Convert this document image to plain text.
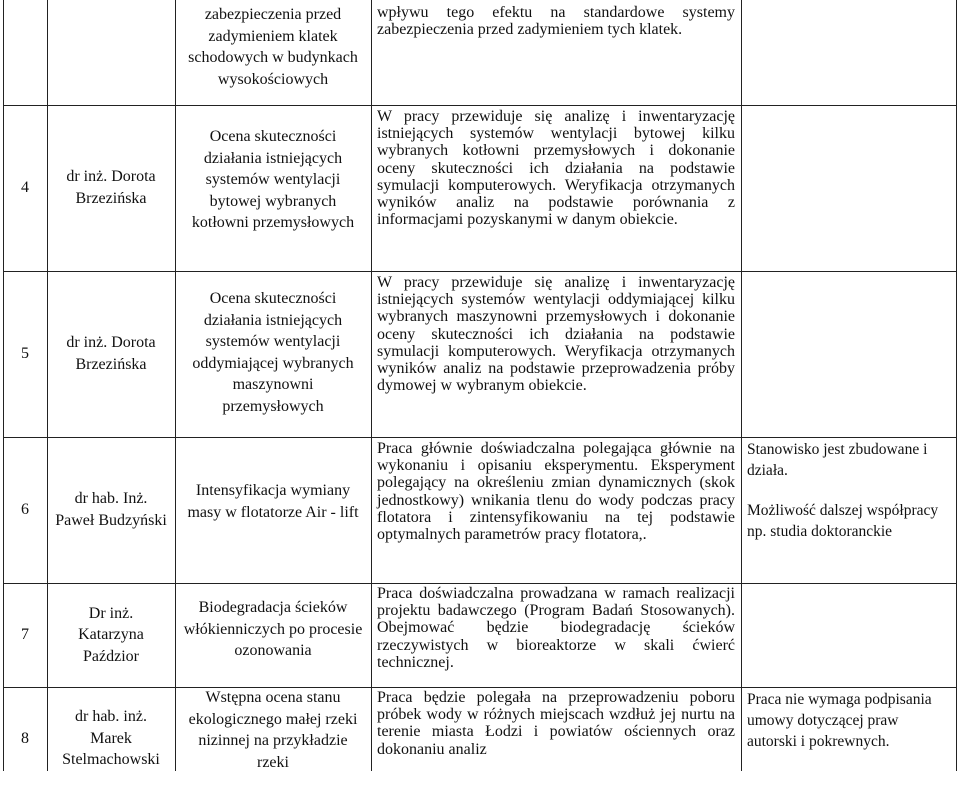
zabezpieczenia przed zadymieniem klatek schodowych w budynkach wysokościowych
wpływu tego efektu na standardowe systemy zabezpieczenia przed zadymieniem tych klatek.
4
dr inż. Dorota Brzezińska
Ocena skuteczności działania istniejących systemów wentylacji bytowej wybranych kotłowni przemysłowych
W pracy przewiduje się analizę i inwentaryzację istniejących systemów wentylacji bytowej kilku wybranych kotłowni przemysłowych i dokonanie oceny skuteczności ich działania na podstawie symulacji komputerowych. Weryfikacja otrzymanych wyników analiz na podstawie porównania z informacjami pozyskanymi w danym obiekcie.
5
dr inż. Dorota Brzezińska
Ocena skuteczności działania istniejących systemów wentylacji oddymiającej wybranych maszynowni przemysłowych
W pracy przewiduje się analizę i inwentaryzację istniejących systemów wentylacji oddymiającej kilku wybranych maszynowni przemysłowych i dokonanie oceny skuteczności ich działania na podstawie symulacji komputerowych. Weryfikacja otrzymanych wyników analiz na podstawie przeprowadzenia próby dymowej w wybranym obiekcie.
6
dr hab. Inż. Paweł Budzyński
Intensyfikacja wymiany masy w flotatorze Air - lift
Praca głównie doświadczalna polegająca głównie na wykonaniu i opisaniu eksperymentu. Eksperyment polegający na określeniu zmian dynamicznych (skok jednostkowy) wnikania tlenu do wody podczas pracy flotatora i zintensyfikowaniu na tej podstawie optymalnych parametrów pracy flotatora,.
Stanowisko jest zbudowane i działa.
Możliwość dalszej współpracy np. studia doktoranckie
7
Dr inż. Katarzyna Paździor
Biodegradacja ścieków włókienniczych po procesie ozonowania
Praca doświadczalna prowadzana w ramach realizacji projektu badawczego (Program Badań Stosowanych). Obejmować będzie biodegradację ścieków rzeczywistych w bioreaktorze w skali ćwierć technicznej.
8
dr hab. inż. Marek Stelmachowski
Wstępna ocena stanu ekologicznego małej rzeki nizinnej na przykładzie rzeki
Praca będzie polegała na przeprowadzeniu poboru próbek wody w różnych miejscach wzdłuż jej nurtu na terenie miasta Łodzi i powiatów ościennych oraz dokonaniu analiz
Praca nie wymaga podpisania umowy dotyczącej praw autorski i pokrewnych.
